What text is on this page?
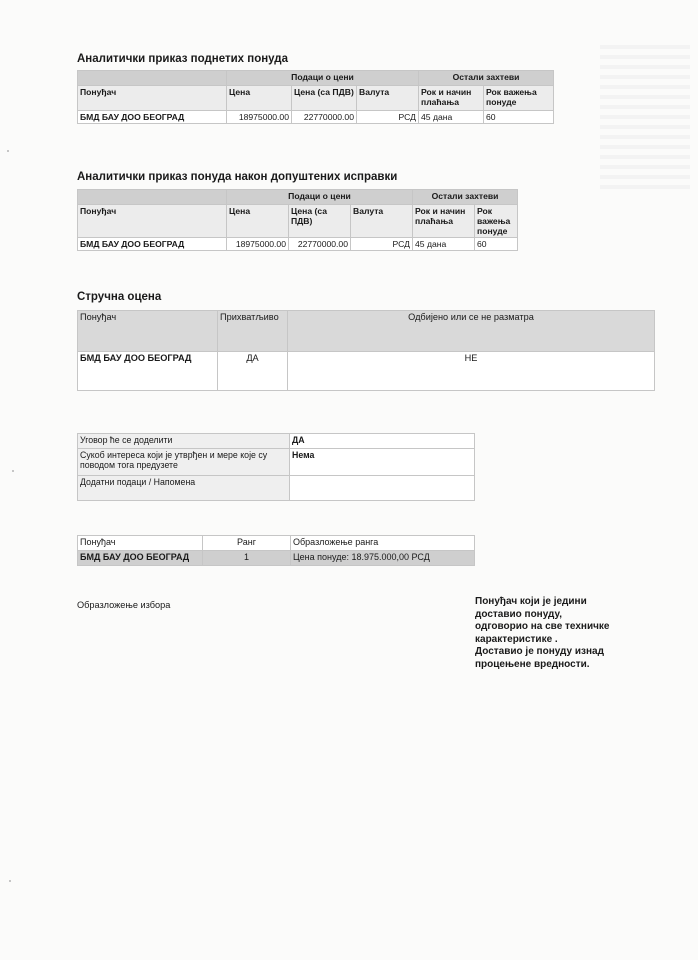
Аналитички приказ поднетих понуда
	Подаци о цени			Остали захтеви	
Понуђач	Цена	Цена (са ПДВ)	Валута	Рок и начин плаћања	Рок важења понуде
БМД БАУ ДОО БЕОГРАД	18975000.00	22770000.00	РСД	45 дана	60
Аналитички приказ понуда након допуштених исправки
	Подаци о цени			Остали захтеви	
Понуђач	Цена	Цена (са ПДВ)	Валута	Рок и начин плаћања	Рок важења понуде
БМД БАУ ДОО БЕОГРАД	18975000.00	22770000.00	РСД	45 дана	60
Стручна оцена
Понуђач	Прихватљиво	Одбијено или се не разматра
БМД БАУ ДОО БЕОГРАД	ДА	НЕ
Уговор ће се доделити	ДА
Сукоб интереса који је утврђен и мере које су поводом тога предузете	Нема
Додатни подаци / Напомена	
Понуђач	Ранг	Образложење ранга
БМД БАУ ДОО БЕОГРАД	1	Цена понуде: 18.975.000,00 РСД
Образложење избора	Понуђач који је једини
доставио понуду,
одговорио на све техничке
карактеристике .
Доставио је понуду изнад
процењене вредности.
